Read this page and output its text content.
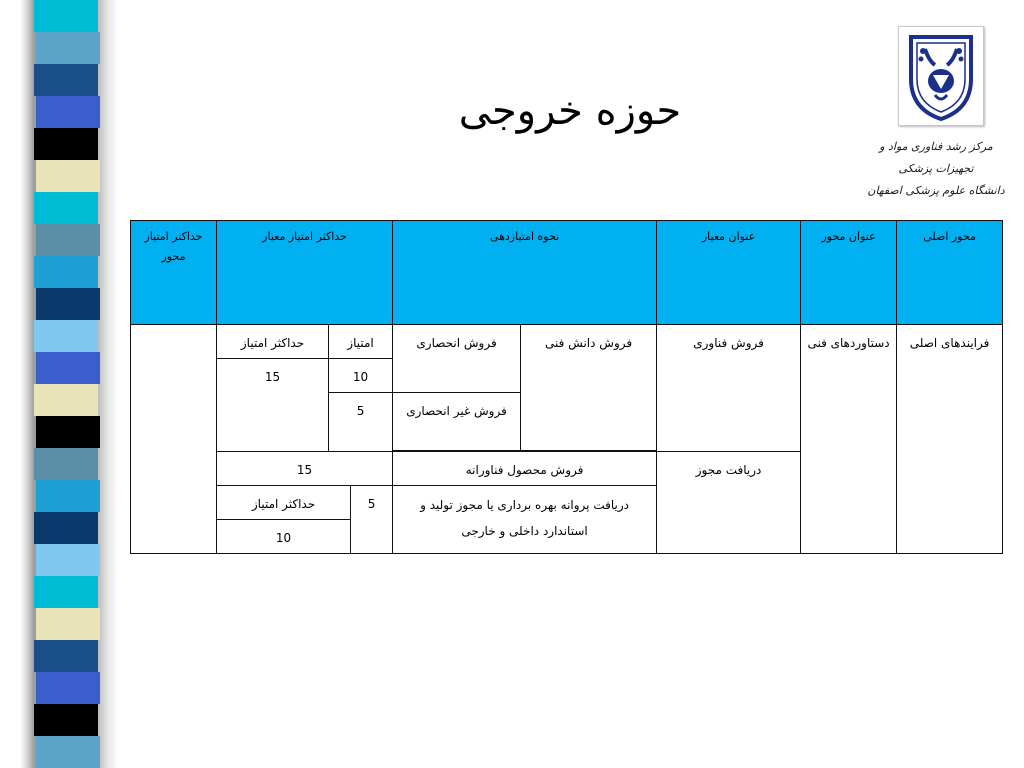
حوزه خروجی
مرکز رشد فناوری مواد و تجهیزات پزشکی
دانشگاه علوم پزشکی اصفهان
محور اصلی	عنوان محور	عنوان معیار	نحوه امتیازدهی		حداکثر امتیاز معیار			حداکثر امتیاز محور
فرایندهای اصلی	دستاوردهای فنی	فروش فناوری	فروش دانش فنی	فروش انحصاری	امتیاز		حداکثر امتیاز	
					10		15	
				فروش غیر انحصاری	5			

		دریافت مجوز	فروش محصول فناورانه		15			
			دریافت پروانه بهره برداری یا مجوز تولید و استاندارد داخلی و خارجی		5	حداکثر امتیاز		
						10		
